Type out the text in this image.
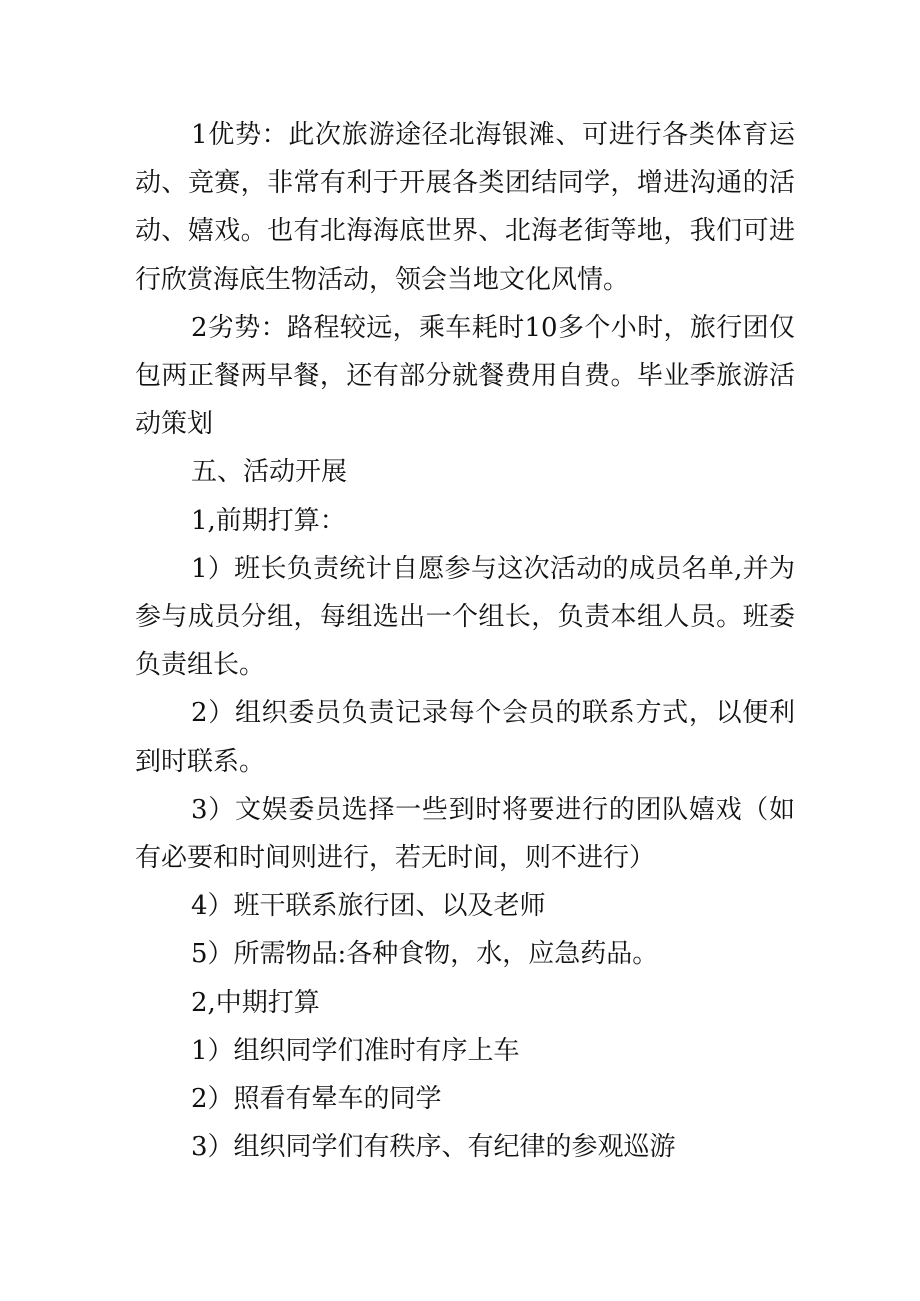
1优势：此次旅游途径北海银滩、可进行各类体育运动、竞赛，非常有利于开展各类团结同学，增进沟通的活动、嬉戏。也有北海海底世界、北海老街等地，我们可进行欣赏海底生物活动，领会当地文化风情。

2劣势：路程较远，乘车耗时10多个小时，旅行团仅包两正餐两早餐，还有部分就餐费用自费。毕业季旅游活动策划

五、活动开展

1,前期打算：

1）班长负责统计自愿参与这次活动的成员名单,并为参与成员分组，每组选出一个组长，负责本组人员。班委负责组长。

2）组织委员负责记录每个会员的联系方式，以便利到时联系。

3）文娱委员选择一些到时将要进行的团队嬉戏（如有必要和时间则进行，若无时间，则不进行）

4）班干联系旅行团、以及老师

5）所需物品:各种食物，水，应急药品。

2,中期打算

1）组织同学们准时有序上车

2）照看有晕车的同学

3）组织同学们有秩序、有纪律的参观巡游
